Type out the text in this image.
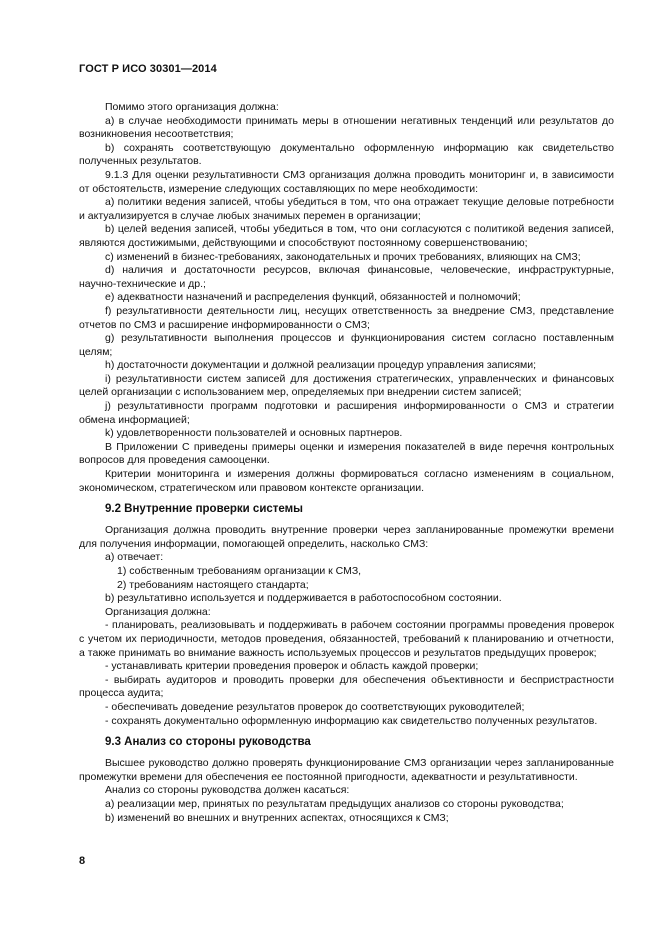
ГОСТ Р ИСО 30301—2014

Помимо этого организация должна:

a) в случае необходимости принимать меры в отношении негативных тенденций или результатов до возникновения несоответствия;

b) сохранять соответствующую документально оформленную информацию как свидетельство полученных результатов.

9.1.3 Для оценки результативности СМЗ организация должна проводить мониторинг и, в зависимости от обстоятельств, измерение следующих составляющих по мере необходимости:

a) политики ведения записей, чтобы убедиться в том, что она отражает текущие деловые потребности и актуализируется в случае любых значимых перемен в организации;

b) целей ведения записей, чтобы убедиться в том, что они согласуются с политикой ведения записей, являются достижимыми, действующими и способствуют постоянному совершенствованию;

c) изменений в бизнес-требованиях, законодательных и прочих требованиях, влияющих на СМЗ;

d) наличия и достаточности ресурсов, включая финансовые, человеческие, инфраструктурные, научно-технические и др.;

e) адекватности назначений и распределения функций, обязанностей и полномочий;

f) результативности деятельности лиц, несущих ответственность за внедрение СМЗ, представление отчетов по СМЗ и расширение информированности о СМЗ;

g) результативности выполнения процессов и функционирования систем согласно поставленным целям;

h) достаточности документации и должной реализации процедур управления записями;

i) результативности систем записей для достижения стратегических, управленческих и финансовых целей организации с использованием мер, определяемых при внедрении систем записей;

j) результативности программ подготовки и расширения информированности о СМЗ и стратегии обмена информацией;

k) удовлетворенности пользователей и основных партнеров.

В Приложении С приведены примеры оценки и измерения показателей в виде перечня контрольных вопросов для проведения самооценки.

Критерии мониторинга и измерения должны формироваться согласно изменениям в социальном, экономическом, стратегическом или правовом контексте организации.

9.2 Внутренние проверки системы

Организация должна проводить внутренние проверки через запланированные промежутки времени для получения информации, помогающей определить, насколько СМЗ:

a) отвечает:

1) собственным требованиям организации к СМЗ,

2) требованиям настоящего стандарта;

b) результативно используется и поддерживается в работоспособном состоянии.

Организация должна:

- планировать, реализовывать и поддерживать в рабочем состоянии программы проведения проверок с учетом их периодичности, методов проведения, обязанностей, требований к планированию и отчетности, а также принимать во внимание важность используемых процессов и результатов предыдущих проверок;

- устанавливать критерии проведения проверок и область каждой проверки;

- выбирать аудиторов и проводить проверки для обеспечения объективности и беспристрастности процесса аудита;

- обеспечивать доведение результатов проверок до соответствующих руководителей;

- сохранять документально оформленную информацию как свидетельство полученных результатов.

9.3 Анализ со стороны руководства

Высшее руководство должно проверять функционирование СМЗ организации через запланированные промежутки времени для обеспечения ее постоянной пригодности, адекватности и результативности.

Анализ со стороны руководства должен касаться:

a) реализации мер, принятых по результатам предыдущих анализов со стороны руководства;

b) изменений во внешних и внутренних аспектах, относящихся к СМЗ;

8
